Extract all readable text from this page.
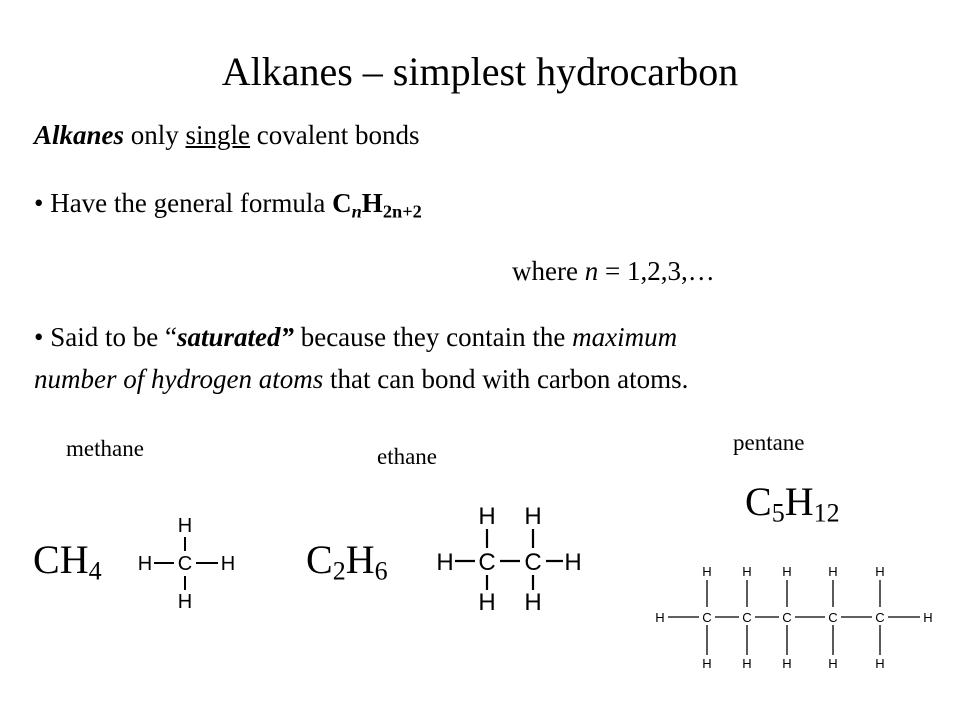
Alkanes – simplest hydrocarbon
Alkanes only single covalent bonds
• Have the general formula $C_nH_{2n+2}$
where n = 1,2,3,…
• Said to be “saturated” because they contain the maximum
number of hydrogen atoms that can bond with carbon atoms.
methane	ethane
pentane
$CH_4$	$C_2H_6$
$C_5H_{12}$
H
C
H	H
H
H H
H C C H
H H
H	H
H
C
H
H
C
H
H
C
H
H
C
H
H
C
H
